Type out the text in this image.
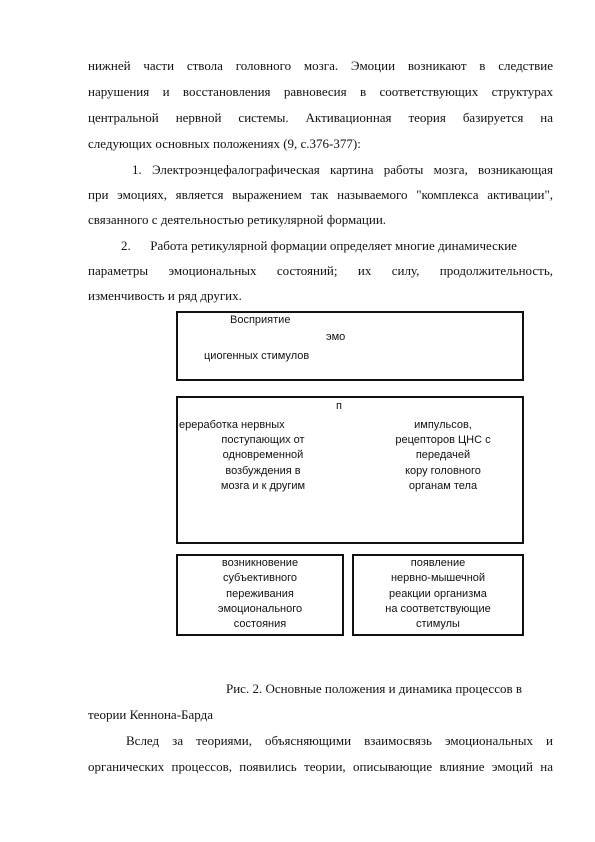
нижней части ствола головного мозга. Эмоции возникают в следствие
нарушения и восстановления равновесия в соответствующих структурах
центральной нервной системы. Активационная теория базируется на
следующих основных положениях (9, с.376-377):
1. Электроэнцефалографическая картина работы мозга, возникающая
при эмоциях, является выражением так называемого "комплекса активации",
связанного с деятельностью ретикулярной формации.
2.      Работа ретикулярной формации определяет многие динамические
параметры эмоциональных состояний; их силу, продолжительность,
изменчивость и ряд других.
Восприятие
эмо
циогенных стимулов
п
ереработка нервных
поступающих от
одновременной
возбуждения в
мозга и к другим
импульсов,
рецепторов ЦНС с
передачей
кору головного
органам тела
возникновение
субъективного
переживания
эмоционального
состояния
появление
нервно-мышечной
реакции организма
на соответствующие
стимулы
Рис. 2. Основные положения и динамика процессов в
теории Кеннона-Барда
Вслед за теориями, объясняющими взаимосвязь эмоциональных и
органических процессов, появились теории, описывающие влияние эмоций на
